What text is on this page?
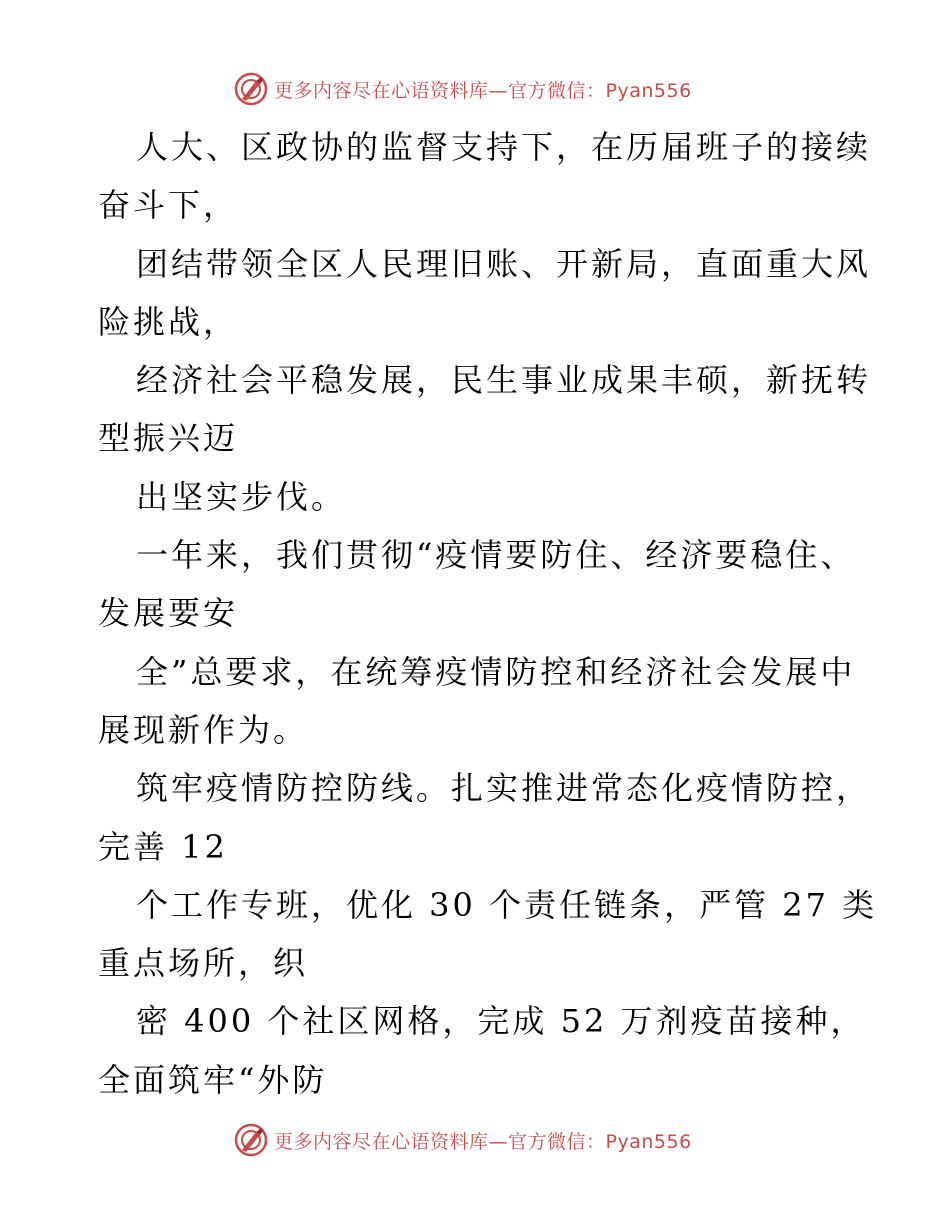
更多内容尽在心语资料库—官方微信：Pyan556
人大、区政协的监督支持下，在历届班子的接续
奋斗下，
团结带领全区人民理旧账、开新局，直面重大风
险挑战，
经济社会平稳发展，民生事业成果丰硕，新抚转
型振兴迈
出坚实步伐。
一年来，我们贯彻“疫情要防住、经济要稳住、
发展要安
全”总要求，在统筹疫情防控和经济社会发展中
展现新作为。
筑牢疫情防控防线。扎实推进常态化疫情防控，
完善 12
个工作专班，优化 30 个责任链条，严管 27 类
重点场所，织
密 400 个社区网格，完成 52 万剂疫苗接种，
全面筑牢“外防
更多内容尽在心语资料库—官方微信：Pyan556
